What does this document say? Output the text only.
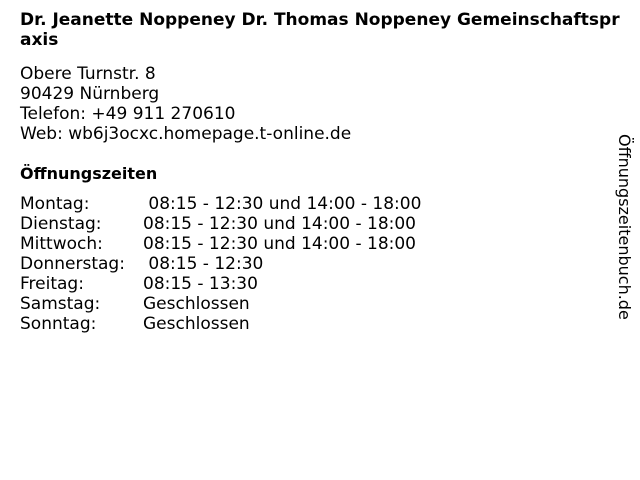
Dr. Jeanette Noppeney Dr. Thomas Noppeney Gemeinschaftspraxis
Obere Turnstr. 8
90429 Nürnberg
Telefon: +49 911 270610
Web: wb6j3ocxc.homepage.t-online.de
Öffnungszeiten
Montag:	08:15 - 12:30 und 14:00 - 18:00
Dienstag:	08:15 - 12:30 und 14:00 - 18:00
Mittwoch:	08:15 - 12:30 und 14:00 - 18:00
Donnerstag:	08:15 - 12:30
Freitag:	08:15 - 13:30
Samstag:	Geschlossen
Sonntag:	Geschlossen
Öffnungszeitenbuch.de
